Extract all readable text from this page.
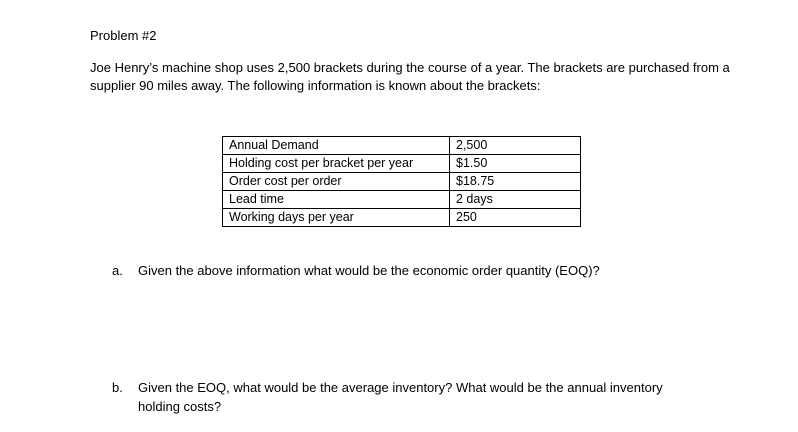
Problem #2
Joe Henry’s machine shop uses 2,500 brackets during the course of a year. The brackets are purchased from a supplier 90 miles away. The following information is known about the brackets:
Annual Demand	2,500
Holding cost per bracket per year	$1.50
Order cost per order	$18.75
Lead time	2 days
Working days per year	250
a. Given the above information what would be the economic order quantity (EOQ)?
b. Given the EOQ, what would be the average inventory? What would be the annual inventory holding costs?
